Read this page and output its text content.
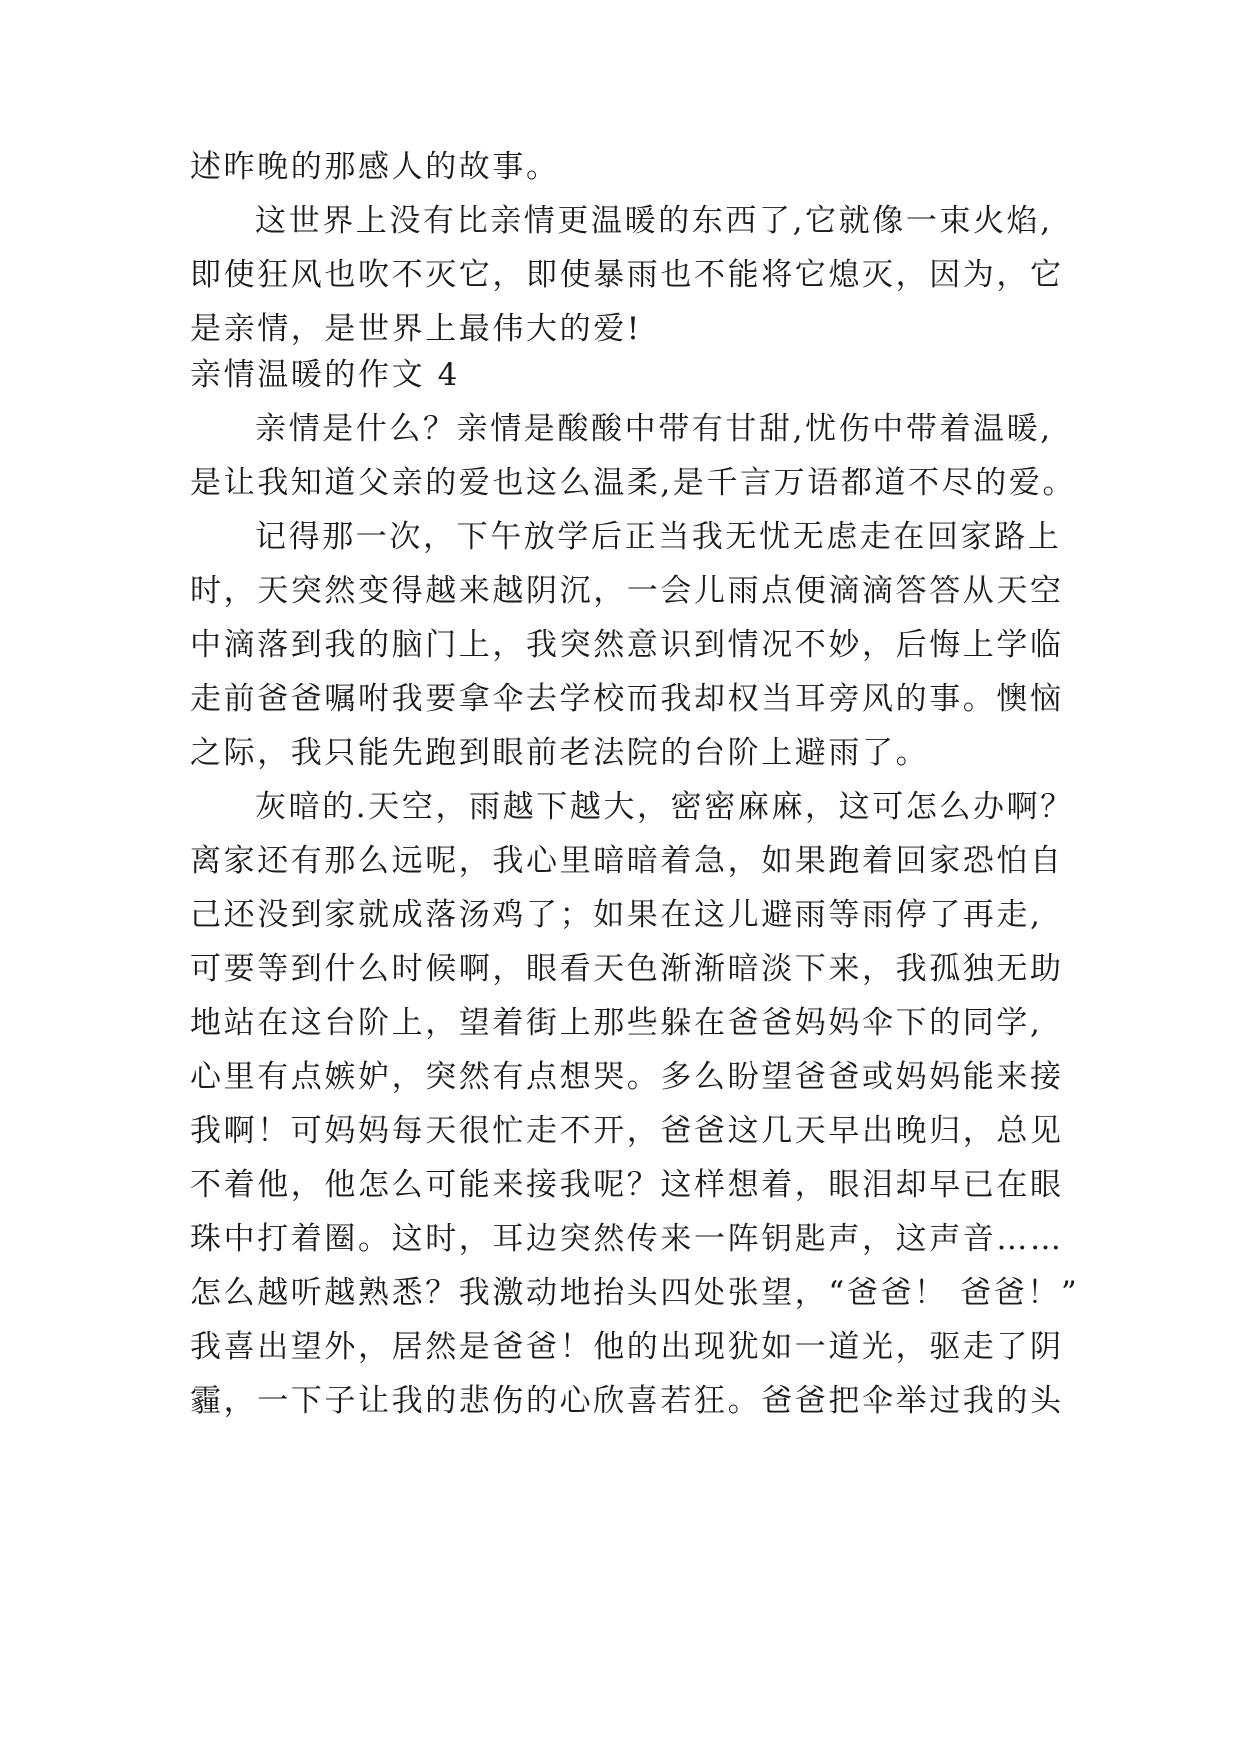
述昨晚的那感人的故事。
这世界上没有比亲情更温暖的东西了,它就像一束火焰,
即使狂风也吹不灭它，即使暴雨也不能将它熄灭，因为，它
是亲情，是世界上最伟大的爱!
亲情温暖的作文 4
亲情是什么？亲情是酸酸中带有甘甜,忧伤中带着温暖,
是让我知道父亲的爱也这么温柔,是千言万语都道不尽的爱。
记得那一次，下午放学后正当我无忧无虑走在回家路上
时，天突然变得越来越阴沉，一会儿雨点便滴滴答答从天空
中滴落到我的脑门上，我突然意识到情况不妙，后悔上学临
走前爸爸嘱咐我要拿伞去学校而我却权当耳旁风的事。懊恼
之际，我只能先跑到眼前老法院的台阶上避雨了。
灰暗的.天空，雨越下越大，密密麻麻，这可怎么办啊？
离家还有那么远呢，我心里暗暗着急，如果跑着回家恐怕自
己还没到家就成落汤鸡了；如果在这儿避雨等雨停了再走,
可要等到什么时候啊，眼看天色渐渐暗淡下来，我孤独无助
地站在这台阶上，望着街上那些躲在爸爸妈妈伞下的同学,
心里有点嫉妒，突然有点想哭。多么盼望爸爸或妈妈能来接
我啊！可妈妈每天很忙走不开，爸爸这几天早出晚归，总见
不着他，他怎么可能来接我呢？这样想着，眼泪却早已在眼
珠中打着圈。这时，耳边突然传来一阵钥匙声，这声音……
怎么越听越熟悉？我激动地抬头四处张望，“爸爸！ 爸爸！”
我喜出望外，居然是爸爸！他的出现犹如一道光，驱走了阴
霾，一下子让我的悲伤的心欣喜若狂。爸爸把伞举过我的头
